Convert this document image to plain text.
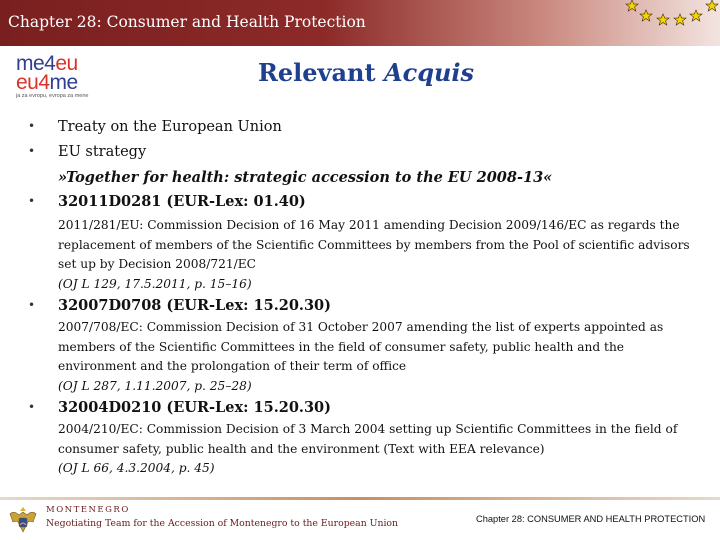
Chapter 28: Consumer and Health Protection
me4eu
eu4me
ja za evropu, evropa za mene
Relevant Acquis
• Treaty on the European Union
• EU strategy
»Together for health: strategic accession to the EU 2008-13«
• 32011D0281 (EUR-Lex: 01.40)

2011/281/EU: Commission Decision of 16 May 2011 amending Decision 2009/146/EC as regards the replacement of members of the Scientific Committees by members from the Pool of scientific advisors set up by Decision 2008/721/EC

(OJ L 129, 17.5.2011, p. 15–16)
• 32007D0708 (EUR-Lex: 15.20.30)

2007/708/EC: Commission Decision of 31 October 2007 amending the list of experts appointed as members of the Scientific Committees in the field of consumer safety, public health and the environment and the prolongation of their term of office

(OJ L 287, 1.11.2007, p. 25–28)
• 32004D0210 (EUR-Lex: 15.20.30)

2004/210/EC: Commission Decision of 3 March 2004 setting up Scientific Committees in the field of consumer safety, public health and the environment (Text with EEA relevance)

(OJ L 66, 4.3.2004, p. 45)
MONTENEGRO
Negotiating Team for the Accession of Montenegro to the European Union	Chapter 28: CONSUMER AND HEALTH PROTECTION
